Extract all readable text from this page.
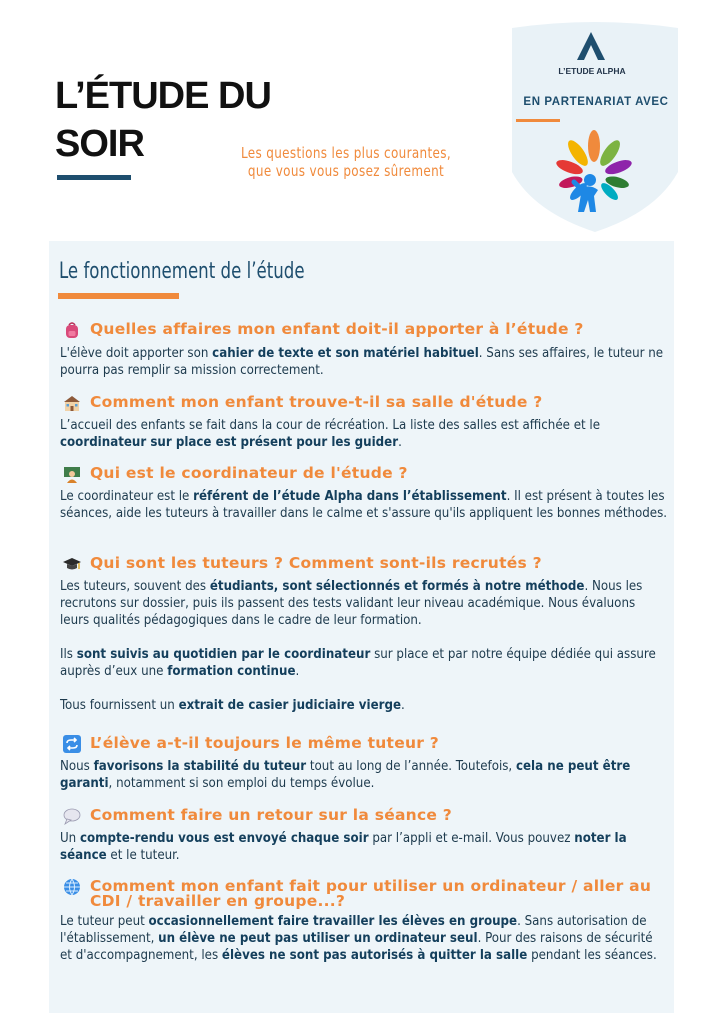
L’ÉTUDE DU
SOIR	Les questions les plus courantes,
que vous vous posez sûrement
L’ETUDE ALPHA
EN PARTENARIAT AVEC
Le fonctionnement de l’étude
Quelles affaires mon enfant doit-il apporter à l’étude ?

L'élève doit apporter son cahier de texte et son matériel habituel. Sans ses affaires, le tuteur ne pourra pas remplir sa mission correctement.

Comment mon enfant trouve-t-il sa salle d'étude ?

L’accueil des enfants se fait dans la cour de récréation. La liste des salles est affichée et le coordinateur sur place est présent pour les guider.

Qui est le coordinateur de l'étude ?

Le coordinateur est le référent de l’étude Alpha dans l’établissement. Il est présent à toutes les séances, aide les tuteurs à travailler dans le calme et s'assure qu'ils appliquent les bonnes méthodes.

Qui sont les tuteurs ? Comment sont-ils recrutés ?

Les tuteurs, souvent des étudiants, sont sélectionnés et formés à notre méthode. Nous les recrutons sur dossier, puis ils passent des tests validant leur niveau académique. Nous évaluons leurs qualités pédagogiques dans le cadre de leur formation.

Ils sont suivis au quotidien par le coordinateur sur place et par notre équipe dédiée qui assure auprès d’eux une formation continue.

Tous fournissent un extrait de casier judiciaire vierge.

L’élève a-t-il toujours le même tuteur ?

Nous favorisons la stabilité du tuteur tout au long de l’année. Toutefois, cela ne peut être garanti, notamment si son emploi du temps évolue.

Comment faire un retour sur la séance ?

Un compte-rendu vous est envoyé chaque soir par l’appli et e-mail. Vous pouvez noter la séance et le tuteur.

Comment mon enfant fait pour utiliser un ordinateur / aller au CDI / travailler en groupe...?

Le tuteur peut occasionnellement faire travailler les élèves en groupe. Sans autorisation de l'établissement, un élève ne peut pas utiliser un ordinateur seul. Pour des raisons de sécurité et d'accompagnement, les élèves ne sont pas autorisés à quitter la salle pendant les séances.
